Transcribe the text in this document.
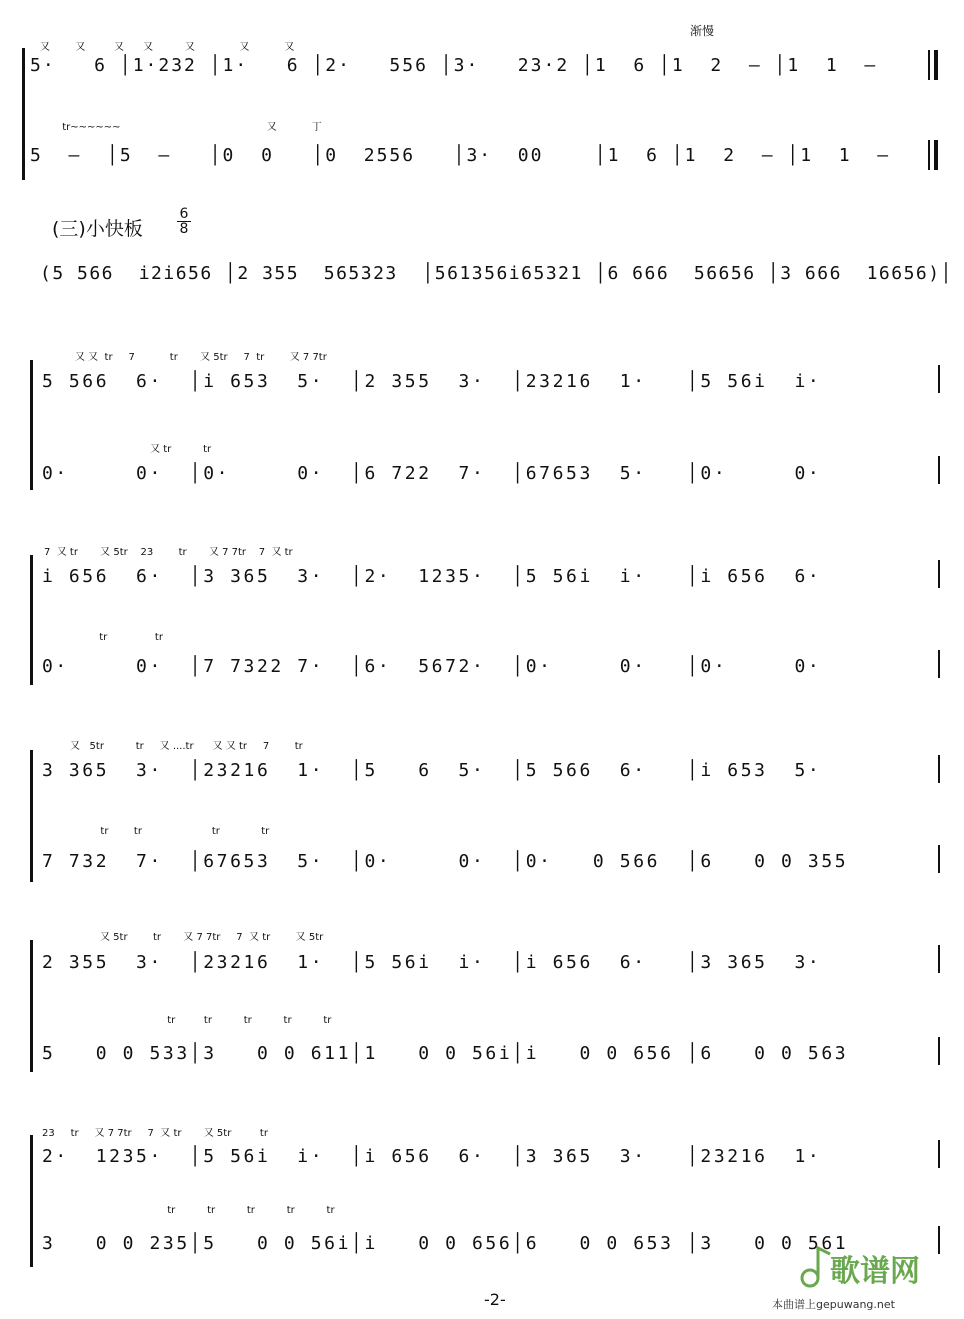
渐慢
又        又         又      又          又              又           又
5·   6 │1·232 │1·   6 │2·   556 │3·   23·2 │1  6 │1  2  — │1  1  —
tr~~~~~~                                              又           丁
5  —  │5  —   │0  0   │0  2556   │3·  00    │1  6 │1  2  — │1  1  —
(三)小快板
6
8
(5 566  i2i656 │2 355  565323  │561356i65321 │6 666  56656 │3 666  16656)│
又 又  tr     7           tr       又 5tr     7  tr        又 7 7tr
5 566  6·  │i 653  5·  │2 355  3·  │23216  1·   │5 56i  i·
又 tr          tr
0·     0·  │0·     0·  │6 722  7·  │67653  5·   │0·     0·
7  又 tr       又 5tr    23        tr       又 7 7tr    7  又 tr
i 656  6·  │3 365  3·  │2·  1235·  │5 56i  i·   │i 656  6·
tr               tr
0·     0·  │7 7322 7·  │6·  5672·  │0·     0·   │0·     0·
又   5tr          tr     又 ....tr      又 又 tr     7        tr
3 365  3·  │23216  1·  │5   6  5·  │5 566  6·   │i 653  5·
tr        tr                      tr             tr
7 732  7·  │67653  5·  │0·     0·  │0·   0 566  │6   0 0 355
又 5tr        tr       又 7 7tr     7  又 tr        又 5tr
2 355  3·  │23216  1·  │5 56i  i·  │i 656  6·   │3 365  3·
tr         tr          tr          tr          tr
5   0 0 533│3   0 0 611│1   0 0 56i│i   0 0 656 │6   0 0 563
23     tr     又 7 7tr     7  又 tr       又 5tr         tr
2·  1235·  │5 56i  i·  │i 656  6·  │3 365  3·   │23216  1·
tr          tr          tr          tr          tr
3   0 0 235│5   0 0 56i│i   0 0 656│6   0 0 653 │3   0 0 561
-2-	本曲谱上gepuwang.net
歌谱网
